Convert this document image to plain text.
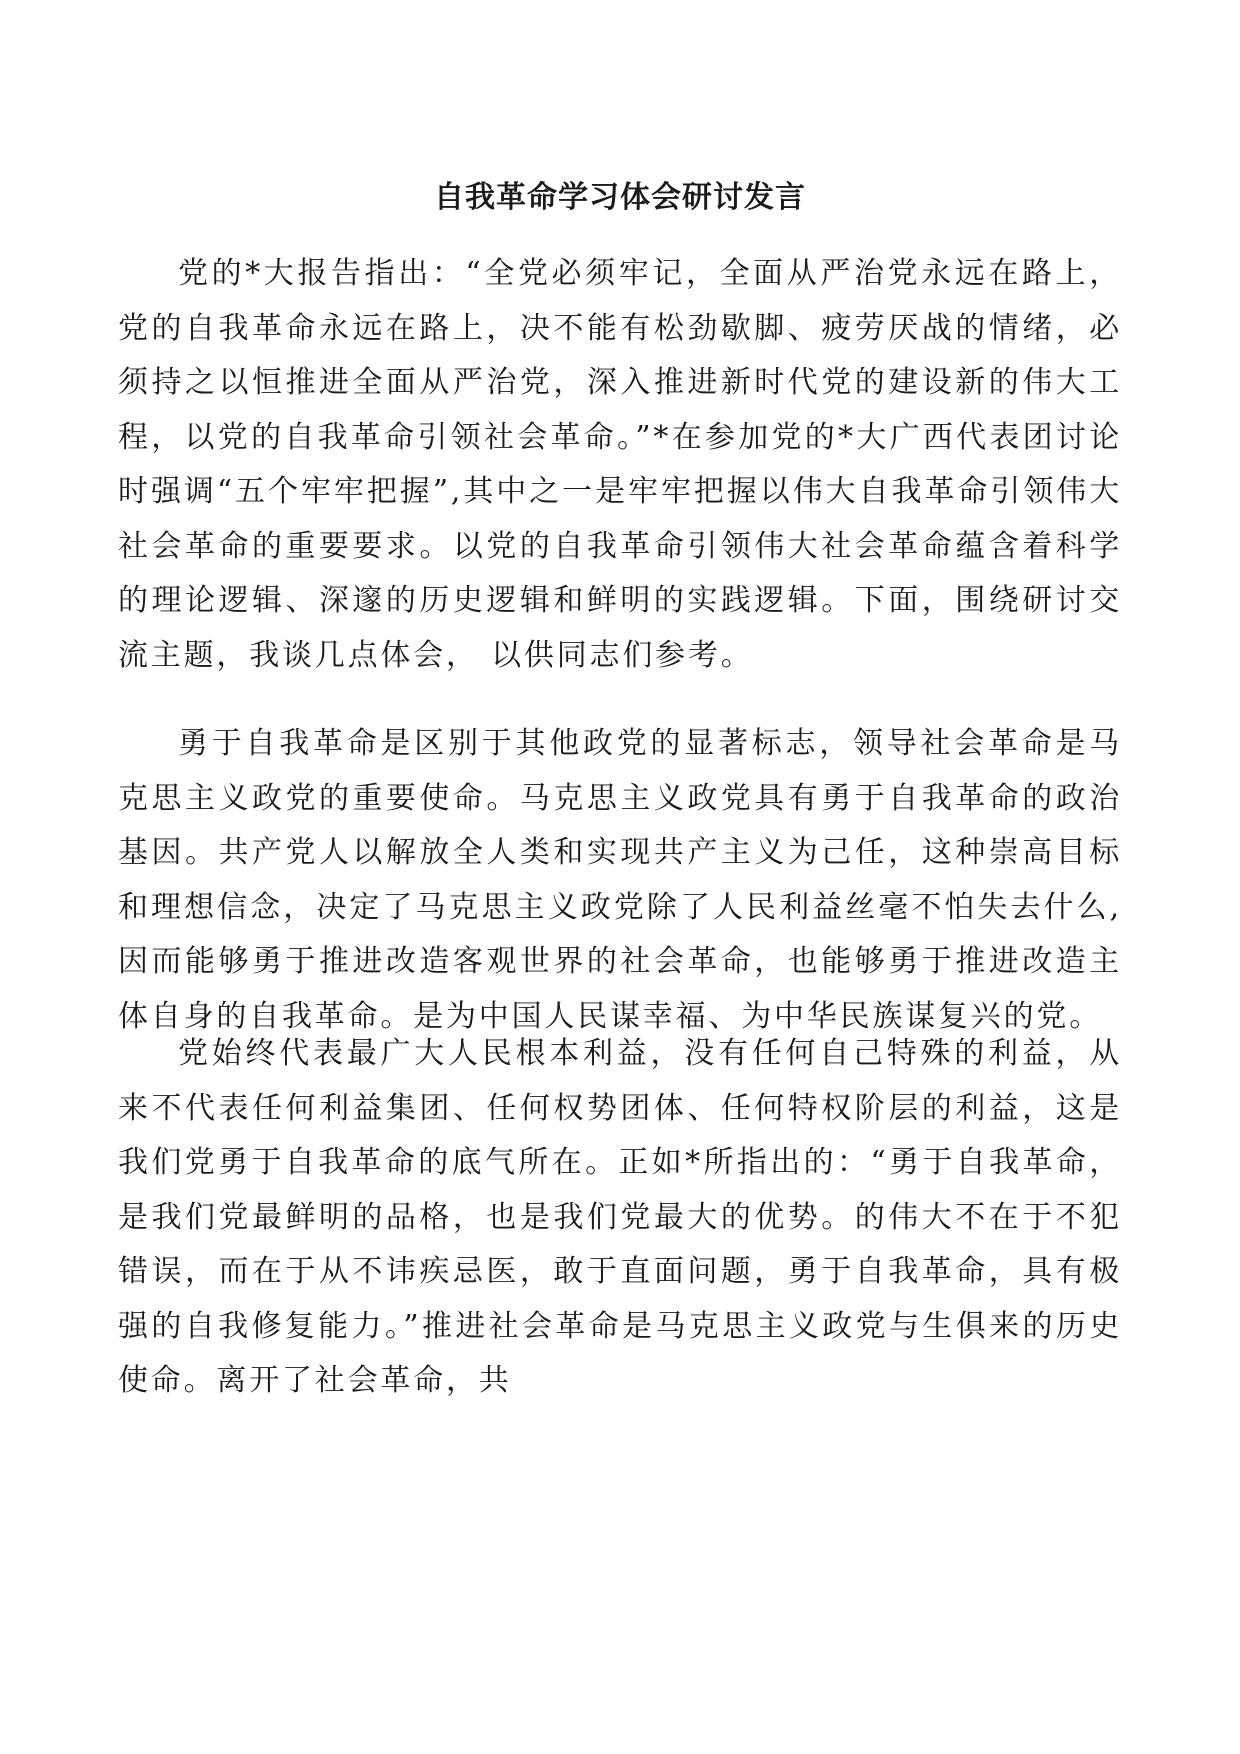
自我革命学习体会研讨发言

党的*大报告指出：“全党必须牢记，全面从严治党永远在路上，党的自我革命永远在路上，决不能有松劲歇脚、疲劳厌战的情绪，必须持之以恒推进全面从严治党，深入推进新时代党的建设新的伟大工程，以党的自我革命引领社会革命。”*在参加党的*大广西代表团讨论时强调“五个牢牢把握”,其中之一是牢牢把握以伟大自我革命引领伟大社会革命的重要要求。以党的自我革命引领伟大社会革命蕴含着科学的理论逻辑、深邃的历史逻辑和鲜明的实践逻辑。下面，围绕研讨交流主题，我谈几点体会， 以供同志们参考。

勇于自我革命是区别于其他政党的显著标志，领导社会革命是马克思主义政党的重要使命。马克思主义政党具有勇于自我革命的政治基因。共产党人以解放全人类和实现共产主义为己任，这种崇高目标和理想信念，决定了马克思主义政党除了人民利益丝毫不怕失去什么,因而能够勇于推进改造客观世界的社会革命，也能够勇于推进改造主体自身的自我革命。是为中国人民谋幸福、为中华民族谋复兴的党。

党始终代表最广大人民根本利益，没有任何自己特殊的利益，从来不代表任何利益集团、任何权势团体、任何特权阶层的利益，这是我们党勇于自我革命的底气所在。正如*所指出的：“勇于自我革命，是我们党最鲜明的品格，也是我们党最大的优势。的伟大不在于不犯错误，而在于从不讳疾忌医，敢于直面问题，勇于自我革命，具有极强的自我修复能力。”推进社会革命是马克思主义政党与生俱来的历史使命。离开了社会革命，共
